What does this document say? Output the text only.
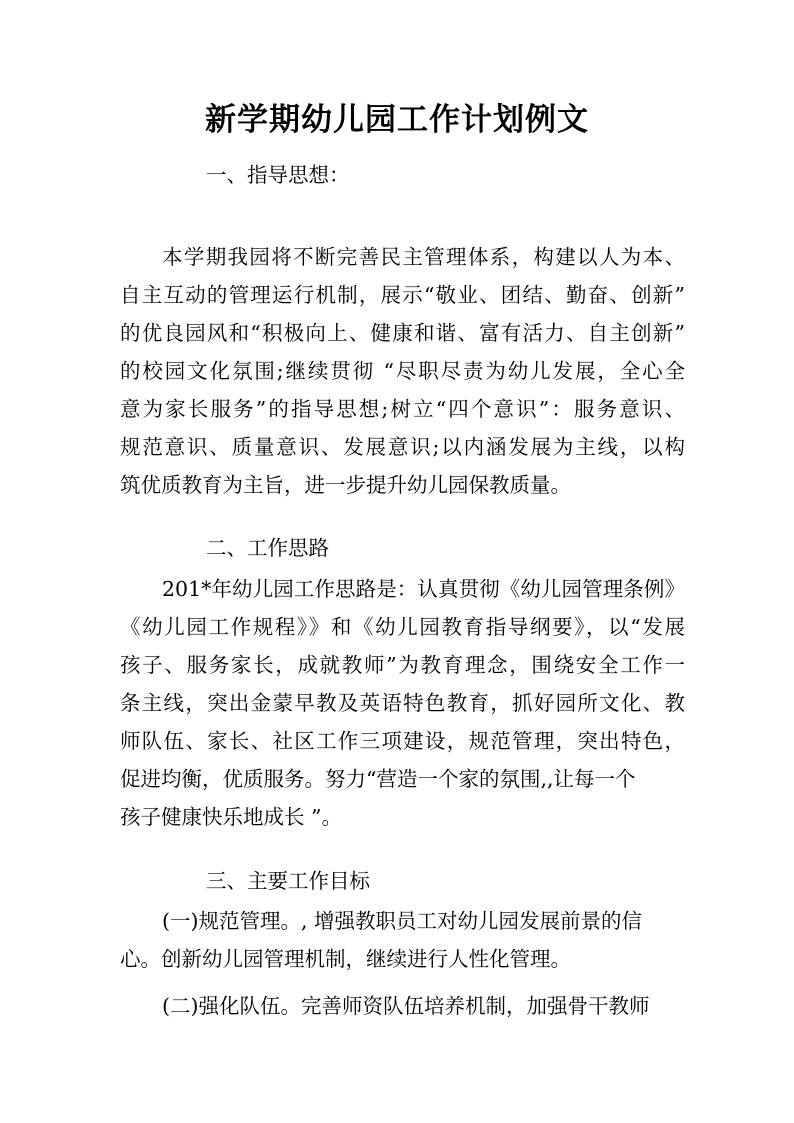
新学期幼儿园工作计划例文

一、指导思想：

本学期我园将不断完善民主管理体系，构建以人为本、

自主互动的管理运行机制，展示“敬业、团结、勤奋、创新”

的优良园风和“积极向上、健康和谐、富有活力、自主创新”

的校园文化氛围;继续贯彻 “尽职尽责为幼儿发展，全心全

意为家长服务”的指导思想;树立“四个意识”：服务意识、

规范意识、质量意识、发展意识;以内涵发展为主线，以构

筑优质教育为主旨，进一步提升幼儿园保教质量。

二、工作思路

201*年幼儿园工作思路是：认真贯彻《幼儿园管理条例》

《幼儿园工作规程》》和《幼儿园教育指导纲要》，以“发展

孩子、服务家长，成就教师”为教育理念，围绕安全工作一

条主线，突出金蒙早教及英语特色教育，抓好园所文化、教

师队伍、家长、社区工作三项建设，规范管理，突出特色，

促进均衡，优质服务。努力“营造一个家的氛围,,让每一个

孩子健康快乐地成长 ”。

三、主要工作目标

(一)规范管理。, 增强教职员工对幼儿园发展前景的信

心。创新幼儿园管理机制，继续进行人性化管理。

(二)强化队伍。完善师资队伍培养机制，加强骨干教师
